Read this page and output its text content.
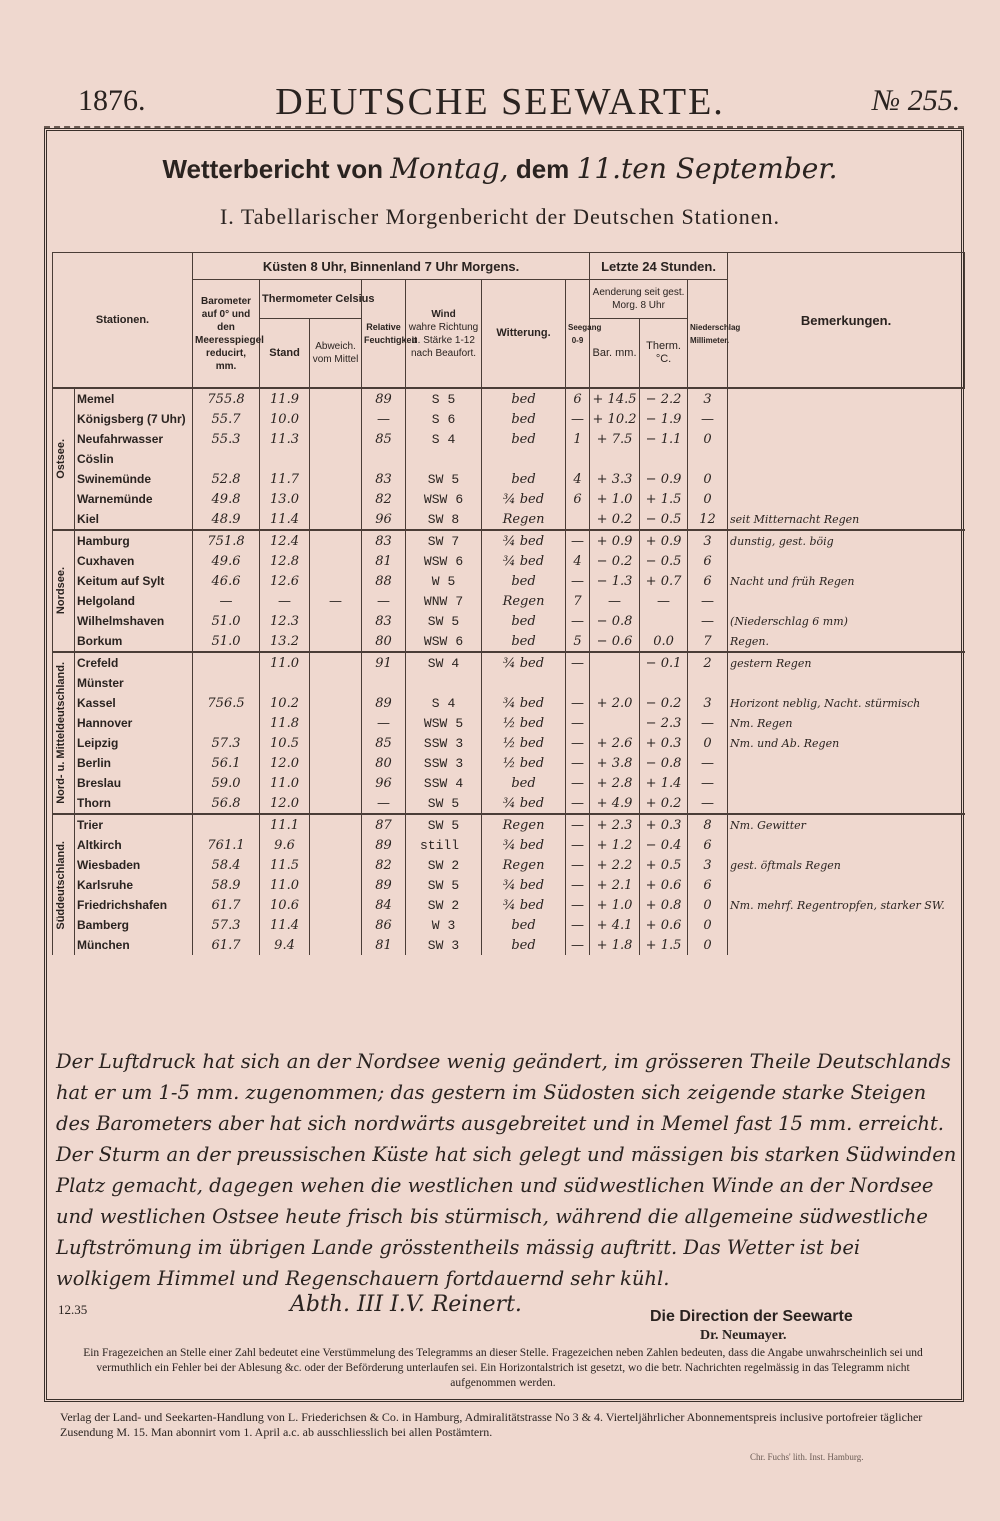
1876.	DEUTSCHE SEEWARTE.	№ 255.
Wetterbericht von Montag, dem 11.ten September.
I. Tabellarischer Morgenbericht der Deutschen Stationen.
Stationen.		Küsten 8 Uhr, Binnenland 7 Uhr Morgens.							Letzte 24 Stunden.			Bemerkungen.
		Barometer auf 0° und den Meeresspiegel reducirt, mm.	Thermometer Celsius		Relative Feuchtigkeit	Wind
wahre Richtung u. Stärke 1-12 nach Beaufort.	Witterung.	Seegang 0-9	Aenderung seit gest. Morg. 8 Uhr		Niederschlag Millimeter.	
			Stand	Abweich. vom Mittel					Bar. mm.	Therm. °C.		

Ostsee.	Memel	755.8	11.9		89	S 5	bed	6	+ 14.5	− 2.2	3	
	Königsberg (7 Uhr)	55.7	10.0		—	S 6	bed	—	+ 10.2	− 1.9	—	
	Neufahrwasser	55.3	11.3		85	S 4	bed	1	+ 7.5	− 1.1	0	
	Cöslin											
	Swinemünde	52.8	11.7		83	SW 5	bed	4	+ 3.3	− 0.9	0	
	Warnemünde	49.8	13.0		82	WSW 6	¾ bed	6	+ 1.0	+ 1.5	0	
	Kiel	48.9	11.4		96	SW 8	Regen		+ 0.2	− 0.5	12	seit Mitternacht Regen

Nordsee.	Hamburg	751.8	12.4		83	SW 7	¾ bed	—	+ 0.9	+ 0.9	3	dunstig, gest. böig
	Cuxhaven	49.6	12.8		81	WSW 6	¾ bed	4	− 0.2	− 0.5	6	
	Keitum auf Sylt	46.6	12.6		88	W 5	bed	—	− 1.3	+ 0.7	6	Nacht und früh Regen
	Helgoland	—	—	—	—	WNW 7	Regen	7	—	—	—	
	Wilhelmshaven	51.0	12.3		83	SW 5	bed	—	− 0.8		—	(Niederschlag 6 mm)
	Borkum	51.0	13.2		80	WSW 6	bed	5	− 0.6	0.0	7	Regen.

Nord- u. Mitteldeutschland.	Crefeld		11.0		91	SW 4	¾ bed	—		− 0.1	2	gestern Regen
	Münster											
	Kassel	756.5	10.2		89	S 4	¾ bed	—	+ 2.0	− 0.2	3	Horizont neblig, Nacht. stürmisch
	Hannover		11.8		—	WSW 5	½ bed	—		− 2.3	—	Nm. Regen
	Leipzig	57.3	10.5		85	SSW 3	½ bed	—	+ 2.6	+ 0.3	0	Nm. und Ab. Regen
	Berlin	56.1	12.0		80	SSW 3	½ bed	—	+ 3.8	− 0.8	—	
	Breslau	59.0	11.0		96	SSW 4	bed	—	+ 2.8	+ 1.4	—	
	Thorn	56.8	12.0		—	SW 5	¾ bed	—	+ 4.9	+ 0.2	—	

Süddeutschland.	Trier		11.1		87	SW 5	Regen	—	+ 2.3	+ 0.3	8	Nm. Gewitter
	Altkirch	761.1	9.6		89	still	¾ bed	—	+ 1.2	− 0.4	6	
	Wiesbaden	58.4	11.5		82	SW 2	Regen	—	+ 2.2	+ 0.5	3	gest. öftmals Regen
	Karlsruhe	58.9	11.0		89	SW 5	¾ bed	—	+ 2.1	+ 0.6	6	
	Friedrichshafen	61.7	10.6		84	SW 2	¾ bed	—	+ 1.0	+ 0.8	0	Nm. mehrf. Regentropfen, starker SW.
	Bamberg	57.3	11.4		86	W 3	bed	—	+ 4.1	+ 0.6	0	
	München	61.7	9.4		81	SW 3	bed	—	+ 1.8	+ 1.5	0	
Der Luftdruck hat sich an der Nordsee wenig geändert, im grösseren Theile Deutschlands hat er um 1-5 mm. zugenommen; das gestern im Südosten sich zeigende starke Steigen des Barometers aber hat sich nordwärts ausgebreitet und in Memel fast 15 mm. erreicht. Der Sturm an der preussischen Küste hat sich gelegt und mässigen bis starken Südwinden Platz gemacht, dagegen wehen die westlichen und südwestlichen Winde an der Nordsee und westlichen Ostsee heute frisch bis stürmisch, während die allgemeine südwestliche Luftströmung im übrigen Lande grösstentheils mässig auftritt. Das Wetter ist bei wolkigem Himmel und Regenschauern fortdauernd sehr kühl.
12.35	Abth. III I.V. Reinert.	Die Direction der Seewarte
Dr. Neumayer.
Ein Fragezeichen an Stelle einer Zahl bedeutet eine Verstümmelung des Telegramms an dieser Stelle. Fragezeichen neben Zahlen bedeuten, dass die Angabe unwahrscheinlich sei und vermuthlich ein Fehler bei der Ablesung &c. oder der Beförderung unterlaufen sei. Ein Horizontalstrich ist gesetzt, wo die betr. Nachrichten regelmässig in das Telegramm nicht aufgenommen werden.
Verlag der Land- und Seekarten-Handlung von L. Friederichsen & Co. in Hamburg, Admiralitätstrasse No 3 & 4. Vierteljährlicher Abonnementspreis inclusive portofreier täglicher Zusendung M. 15. Man abonnirt vom 1. April a.c. ab ausschliesslich bei allen Postämtern.
Chr. Fuchs' lith. Inst. Hamburg.
